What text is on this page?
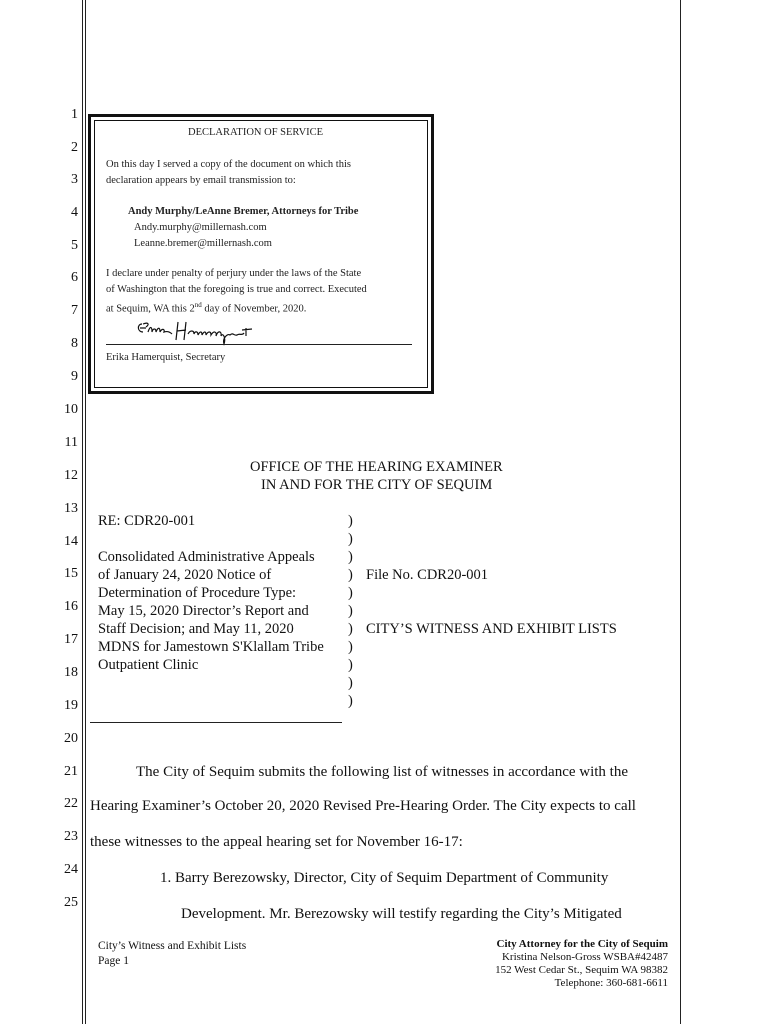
1
2
3
4
5
6
7
8
9
10
11
12
13
14
15
16
17
18
19
20
21
22
23
24
25
DECLARATION OF SERVICE
On this day I served a copy of the document on which this
declaration appears by email transmission to:
Andy Murphy/LeAnne Bremer, Attorneys for Tribe
Andy.murphy@millernash.com
Leanne.bremer@millernash.com
I declare under penalty of perjury under the laws of the State
of Washington that the foregoing is true and correct. Executed
at Sequim, WA this 2nd day of November, 2020.
Erika Hamerquist, Secretary
OFFICE OF THE HEARING EXAMINER
IN AND FOR THE CITY OF SEQUIM
RE: CDR20-001
Consolidated Administrative Appeals
of January 24, 2020 Notice of
Determination of Procedure Type:
May 15, 2020 Director’s Report and
Staff Decision; and May 11, 2020
MDNS for Jamestown S'Klallam Tribe
Outpatient Clinic
)
)
)
)
)
)
)
)
)
)
)
File No. CDR20-001
CITY’S WITNESS AND EXHIBIT LISTS
The City of Sequim submits the following list of witnesses in accordance with the
Hearing Examiner’s October 20, 2020 Revised Pre-Hearing Order. The City expects to call
these witnesses to the appeal hearing set for November 16-17:
1. Barry Berezowsky, Director, City of Sequim Department of Community
Development. Mr. Berezowsky will testify regarding the City’s Mitigated
City’s Witness and Exhibit Lists
Page 1
City Attorney for the City of Sequim
Kristina Nelson-Gross WSBA#42487
152 West Cedar St., Sequim WA 98382
Telephone: 360-681-6611
